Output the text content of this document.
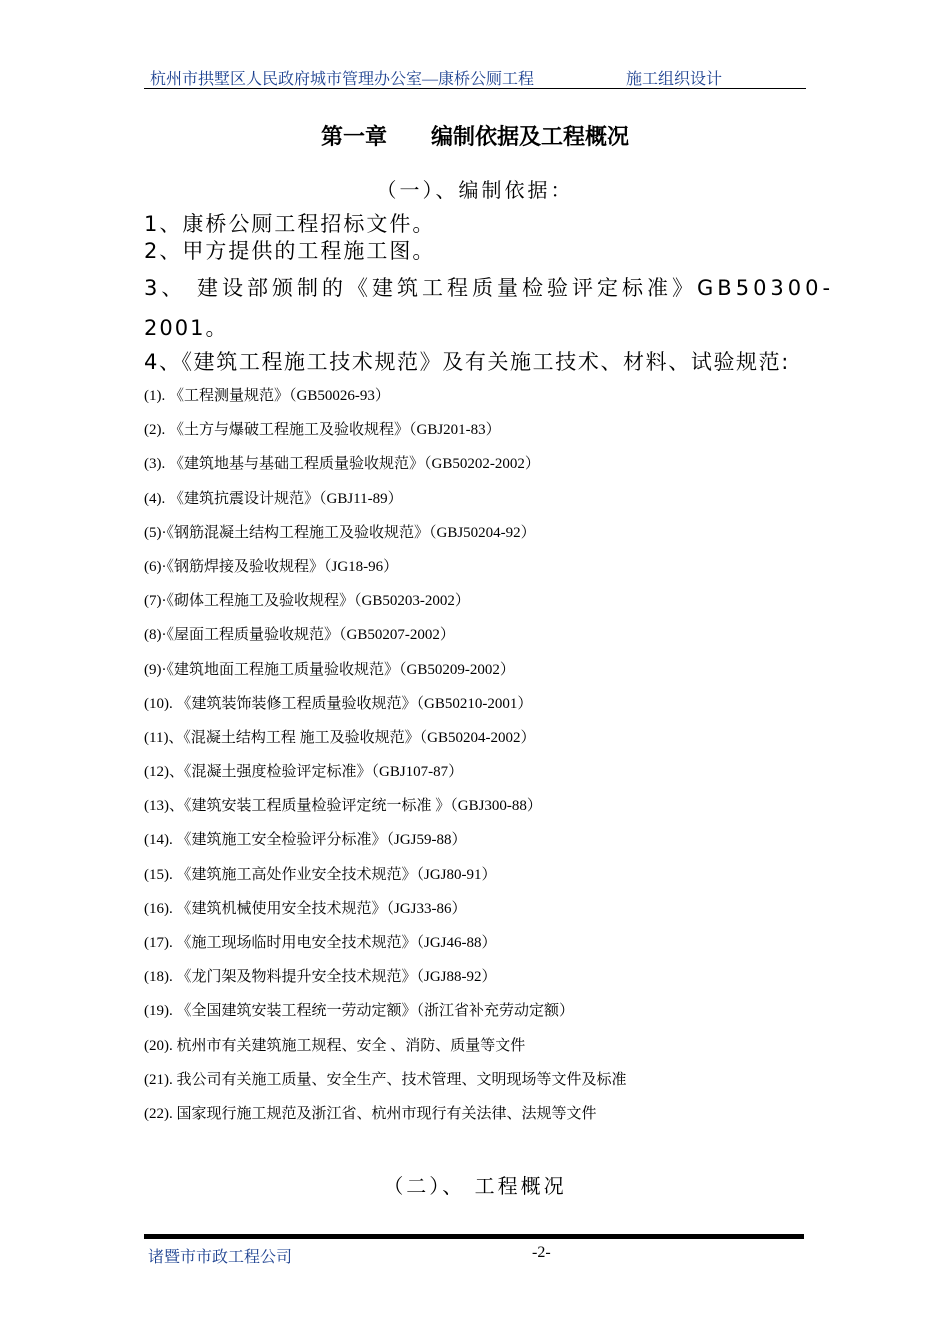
杭州市拱墅区人民政府城市管理办公室—康桥公厕工程	施工组织设计
第一章　　编制依据及工程概况
（一）、编制依据：
1、康桥公厕工程招标文件。
2、甲方提供的工程施工图。
3、 建设部颁制的《建筑工程质量检验评定标准》GB50300-
2001。
4、《建筑工程施工技术规范》及有关施工技术、材料、试验规范:
(1). 《工程测量规范》（GB50026-93）
(2). 《土方与爆破工程施工及验收规程》（GBJ201-83）
(3). 《建筑地基与基础工程质量验收规范》（GB50202-2002）
(4). 《建筑抗震设计规范》（GBJ11-89）
(5)·《钢筋混凝土结构工程施工及验收规范》（GBJ50204-92）
(6)·《钢筋焊接及验收规程》（JG18-96）
(7)·《砌体工程施工及验收规程》（GB50203-2002）
(8)·《屋面工程质量验收规范》（GB50207-2002）
(9)·《建筑地面工程施工质量验收规范》（GB50209-2002）
(10). 《建筑装饰装修工程质量验收规范》（GB50210-2001）
(11)、《混凝土结构工程 施工及验收规范》（GB50204-2002）
(12)、《混凝土强度检验评定标准》（GBJ107-87）
(13)、《建筑安装工程质量检验评定统一标准 》（GBJ300-88）
(14). 《建筑施工安全检验评分标准》（JGJ59-88）
(15). 《建筑施工高处作业安全技术规范》（JGJ80-91）
(16). 《建筑机械使用安全技术规范》（JGJ33-86）
(17). 《施工现场临时用电安全技术规范》（JGJ46-88）
(18). 《龙门架及物料提升安全技术规范》（JGJ88-92）
(19). 《全国建筑安装工程统一劳动定额》（浙江省补充劳动定额）
(20). 杭州市有关建筑施工规程、安全 、消防、质量等文件
(21). 我公司有关施工质量、安全生产、技术管理、文明现场等文件及标准
(22). 国家现行施工规范及浙江省、杭州市现行有关法律、法规等文件
（二）、 工程概况
诸暨市市政工程公司	-2-
